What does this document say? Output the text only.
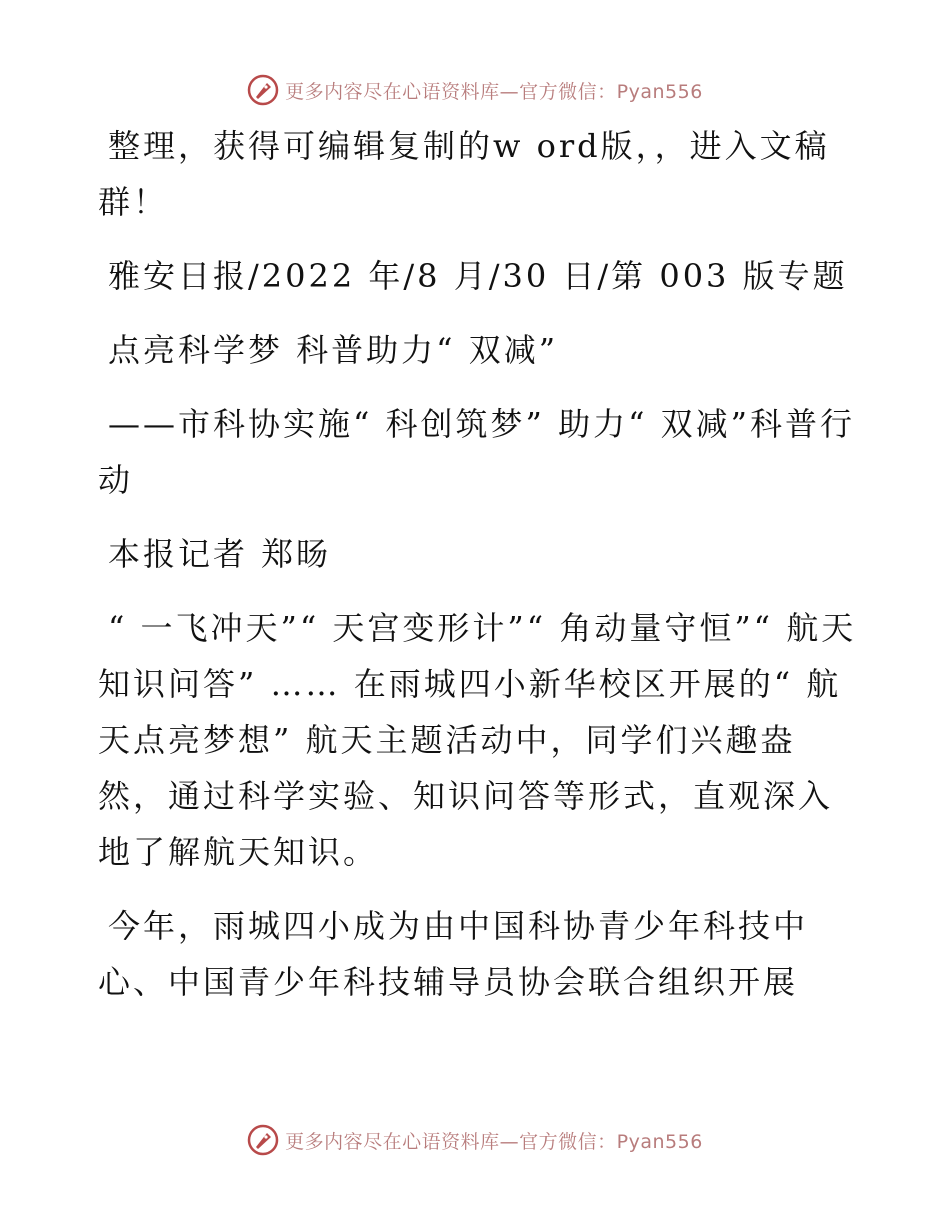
更多内容尽在心语资料库—官方微信：Pyan556

整理，获得可编辑复制的w ord版，，进入文稿群！

雅安日报/2022 年/8 月/30 日/第 003 版专题

点亮科学梦 科普助力“ 双减”

——市科协实施“ 科创筑梦” 助力“ 双减”科普行动

本报记者 郑旸

“ 一飞冲天”“ 天宫变形计”“ 角动量守恒”“ 航天知识问答” …… 在雨城四小新华校区开展的“ 航天点亮梦想” 航天主题活动中，同学们兴趣盎然，通过科学实验、知识问答等形式，直观深入地了解航天知识。

今年，雨城四小成为由中国科协青少年科技中心、中国青少年科技辅导员协会联合组织开展

更多内容尽在心语资料库—官方微信：Pyan556
